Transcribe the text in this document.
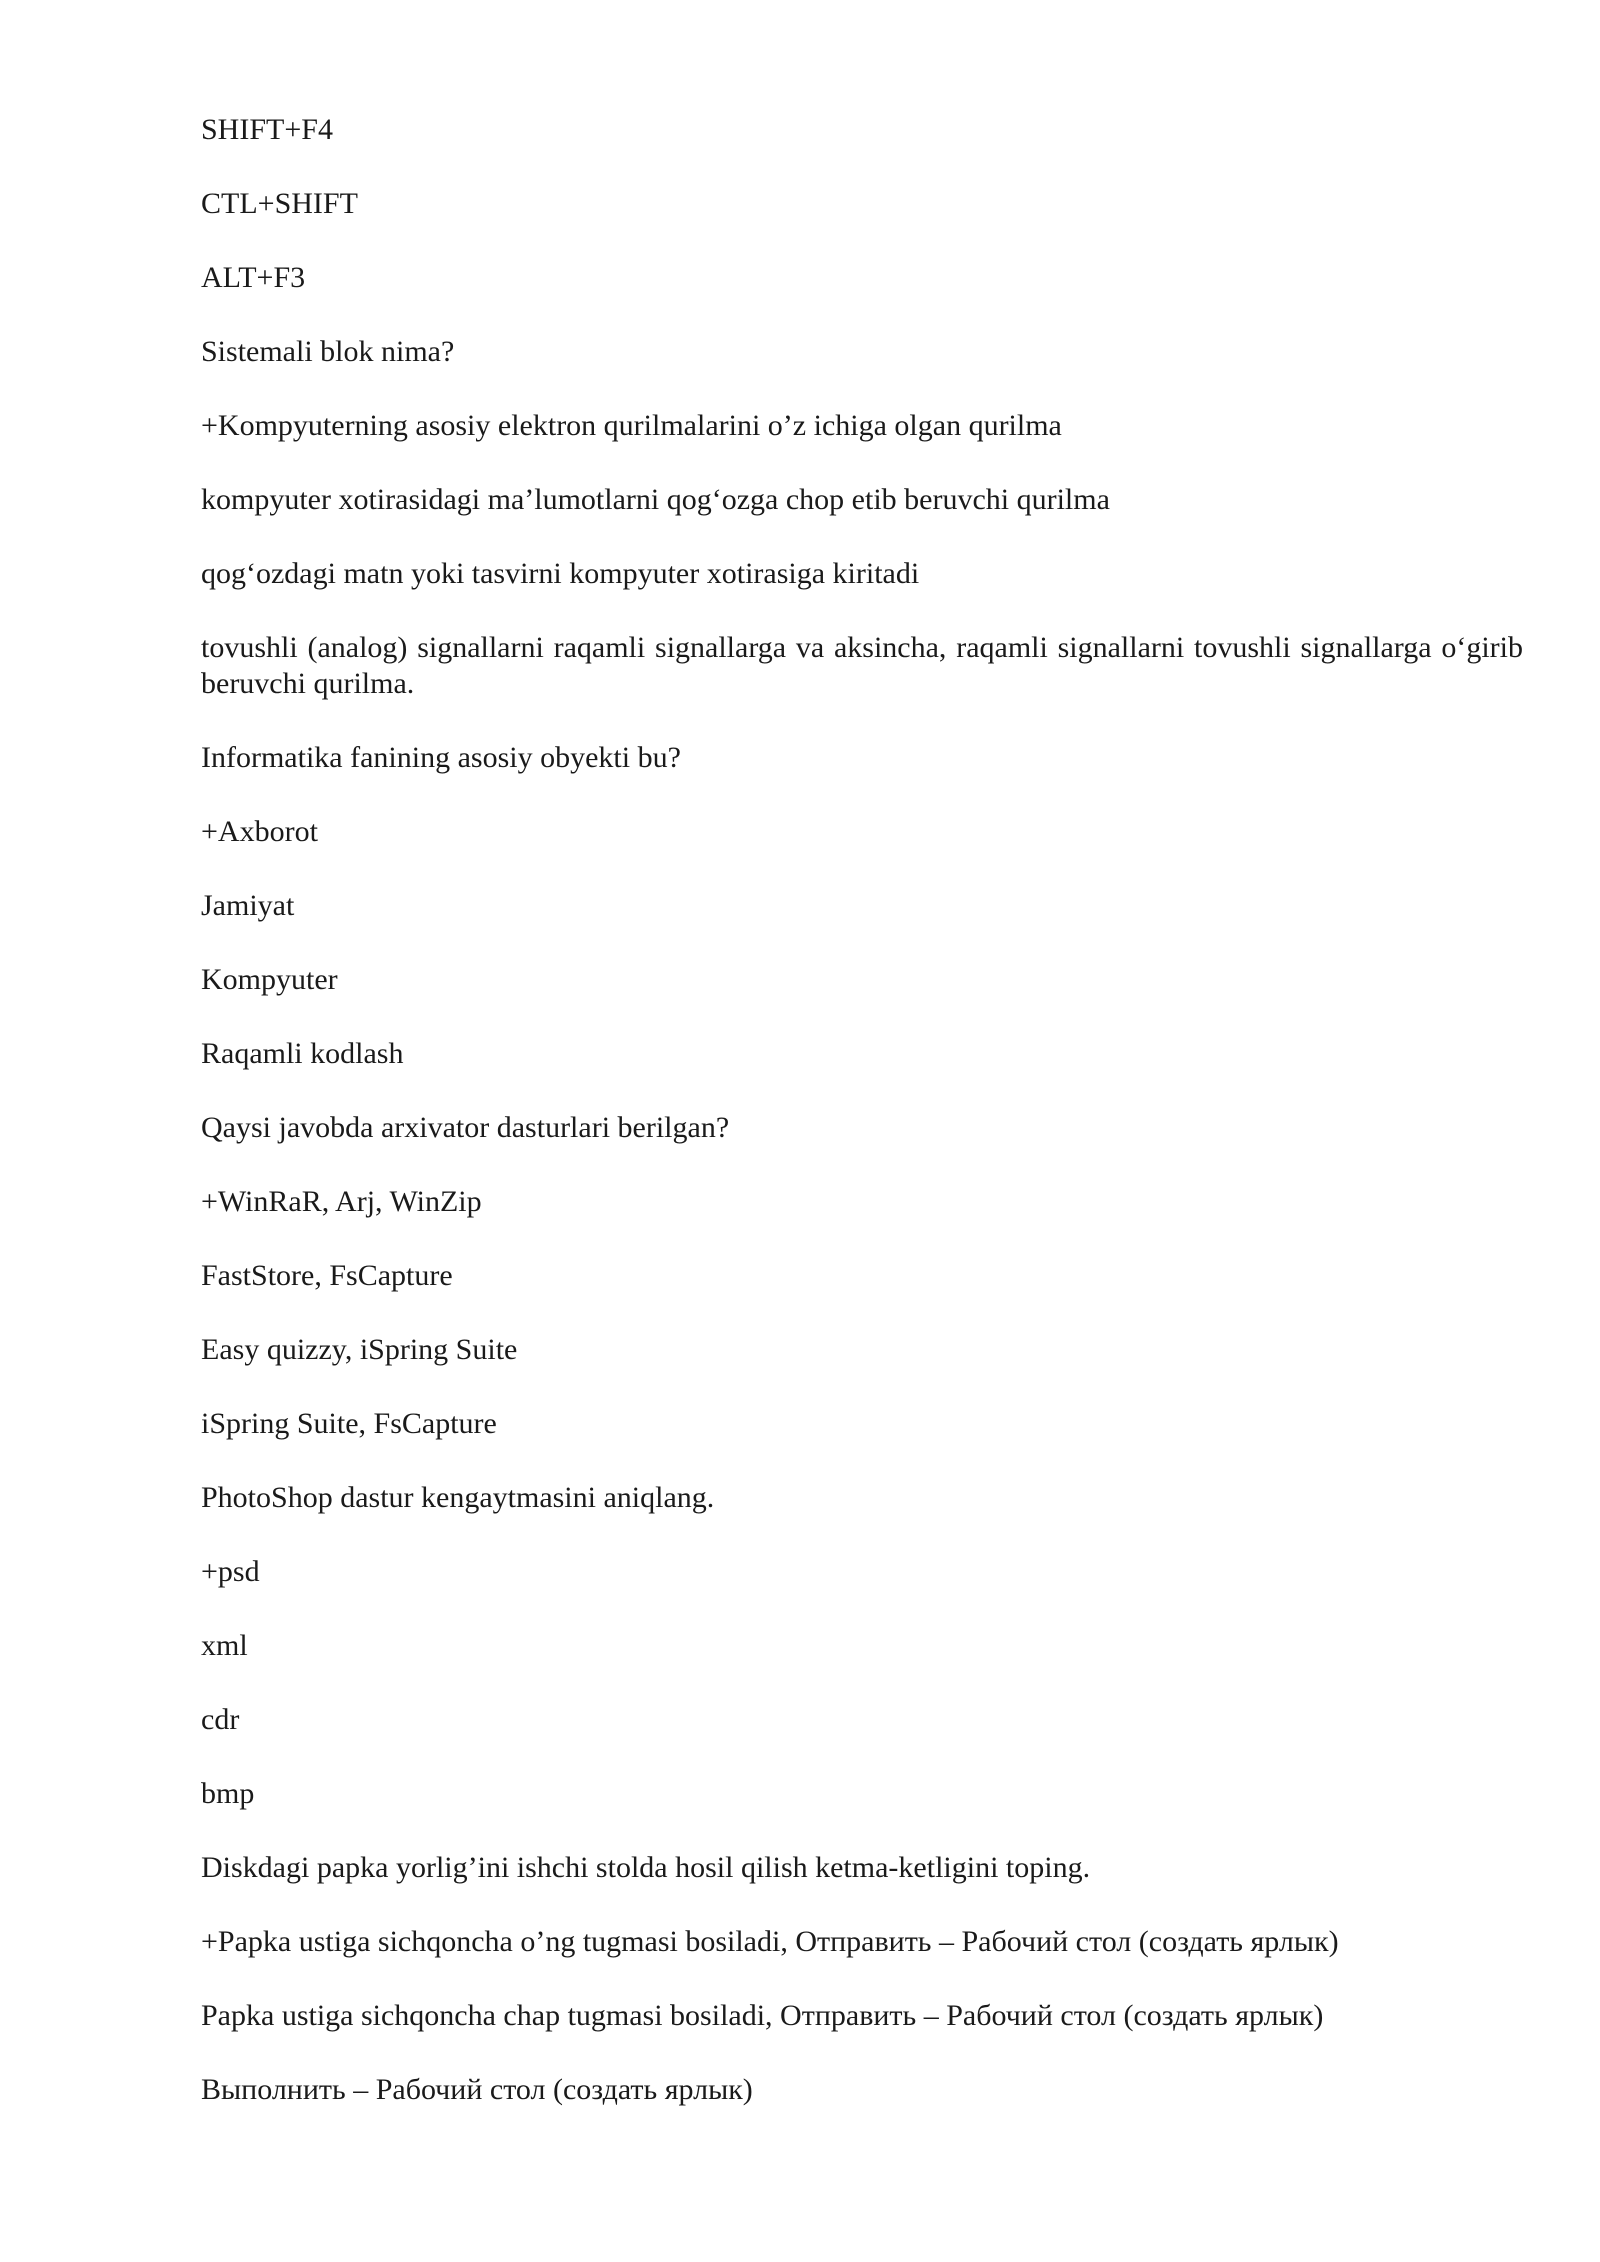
SHIFT+F4

CTL+SHIFT

ALT+F3

Sistemali blok nima?

+Kompyuterning asosiy elektron qurilmalarini o’z ichiga olgan qurilma

kompyuter xotirasidagi ma’lumotlarni qog‘ozga chop etib beruvchi qurilma

qog‘ozdagi matn yoki tasvirni kompyuter xotirasiga kiritadi

tovushli (analog) signallarni raqamli signallarga va aksincha, raqamli signallarni tovushli signallarga o‘girib beruvchi qurilma.

Informatika fanining asosiy obyekti bu?

+Axborot

Jamiyat

Kompyuter

Raqamli kodlash

Qaysi javobda arxivator dasturlari berilgan?

+WinRaR, Arj, WinZip

FastStore, FsCapture

Easy quizzy, iSpring Suite

iSpring Suite, FsCapture

PhotoShop dastur kengaytmasini aniqlang.

+psd

xml

cdr

bmp

Diskdagi papka yorlig’ini ishchi stolda hosil qilish ketma-ketligini toping.

+Papka ustiga sichqoncha o’ng tugmasi bosiladi, Отправить – Рабочий стол (создать ярлык)

Papka ustiga sichqoncha chap tugmasi bosiladi, Отправить – Рабочий стол (создать ярлык)

Выполнить – Рабочий стол (создать ярлык)
